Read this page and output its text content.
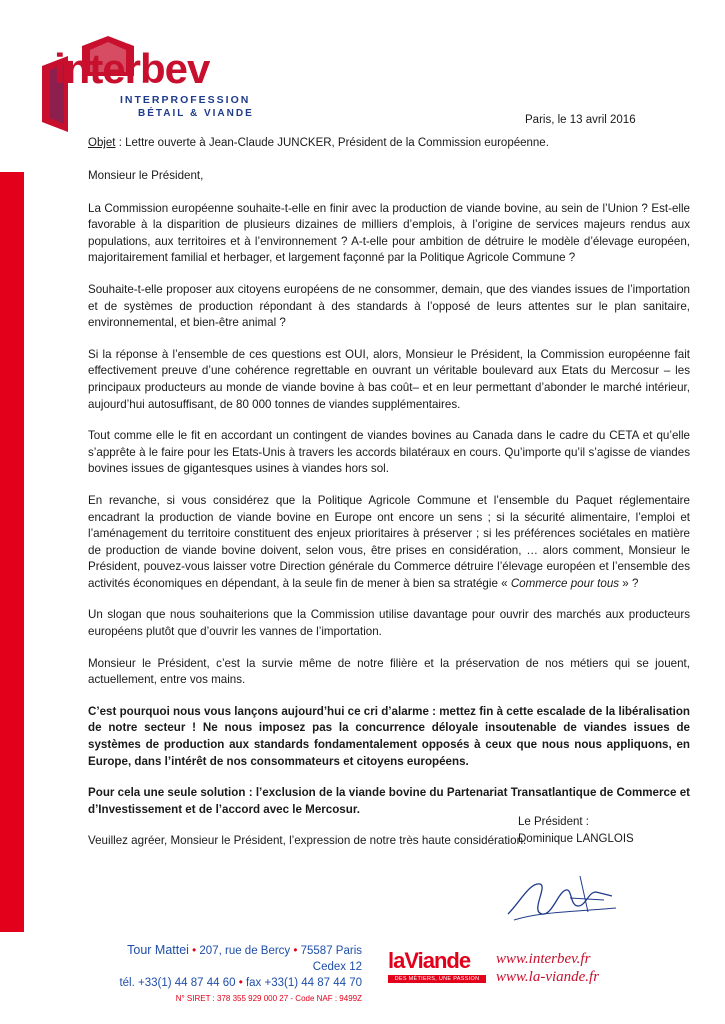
interbev
INTERPROFESSION
BÉTAIL & VIANDE
Paris, le 13 avril 2016
Objet : Lettre ouverte à Jean-Claude JUNCKER, Président de la Commission européenne.

Monsieur le Président,

La Commission européenne souhaite-t-elle en finir avec la production de viande bovine, au sein de l’Union ? Est-elle favorable à la disparition de plusieurs dizaines de milliers d’emplois, à l’origine de services majeurs rendus aux populations, aux territoires et à l’environnement ? A-t-elle pour ambition de détruire le modèle d’élevage européen, majoritairement familial et herbager, et largement façonné par la Politique Agricole Commune ?

Souhaite-t-elle proposer aux citoyens européens de ne consommer, demain, que des viandes issues de l’importation et de systèmes de production répondant à des standards à l’opposé de leurs attentes sur le plan sanitaire, environnemental, et bien-être animal ?

Si la réponse à l’ensemble de ces questions est OUI, alors, Monsieur le Président, la Commission européenne fait effectivement preuve d’une cohérence regrettable en ouvrant un véritable boulevard aux Etats du Mercosur – les principaux producteurs au monde de viande bovine à bas coût– et en leur permettant d’abonder le marché intérieur, aujourd’hui autosuffisant, de 80 000 tonnes de viandes supplémentaires.

Tout comme elle le fit en accordant un contingent de viandes bovines au Canada dans le cadre du CETA et qu’elle s’apprête à le faire pour les Etats-Unis à travers les accords bilatéraux en cours. Qu’importe qu’il s’agisse de viandes bovines issues de gigantesques usines à viandes hors sol.

En revanche, si vous considérez que la Politique Agricole Commune et l’ensemble du Paquet réglementaire encadrant la production de viande bovine en Europe ont encore un sens ; si la sécurité alimentaire, l’emploi et l’aménagement du territoire constituent des enjeux prioritaires à préserver ; si les préférences sociétales en matière de production de viande bovine doivent, selon vous, être prises en considération, … alors comment, Monsieur le Président, pouvez-vous laisser votre Direction générale du Commerce détruire l’élevage européen et l’ensemble des activités économiques en dépendant, à la seule fin de mener à bien sa stratégie « Commerce pour tous » ?

Un slogan que nous souhaiterions que la Commission utilise davantage pour ouvrir des marchés aux producteurs européens plutôt que d’ouvrir les vannes de l’importation.

Monsieur le Président, c’est la survie même de notre filière et la préservation de nos métiers qui se jouent, actuellement, entre vos mains.

C’est pourquoi nous vous lançons aujourd’hui ce cri d’alarme : mettez fin à cette escalade de la libéralisation de notre secteur ! Ne nous imposez pas la concurrence déloyale insoutenable de viandes issues de systèmes de production aux standards fondamentalement opposés à ceux que nous nous appliquons, en Europe, dans l’intérêt de nos consommateurs et citoyens européens.

Pour cela une seule solution : l’exclusion de la viande bovine du Partenariat Transatlantique de Commerce et d’Investissement et de l’accord avec le Mercosur.

Veuillez agréer, Monsieur le Président, l’expression de notre très haute considération.

Le Président :
Dominique LANGLOIS
Tour Mattei • 207, rue de Bercy • 75587 Paris Cedex 12
tél. +33(1) 44 87 44 60 • fax +33(1) 44 87 44 70
N° SIRET : 378 355 929 000 27 - Code NAF : 9499Z
laViande
DES MÉTIERS, UNE PASSION
www.interbev.fr
www.la-viande.fr
